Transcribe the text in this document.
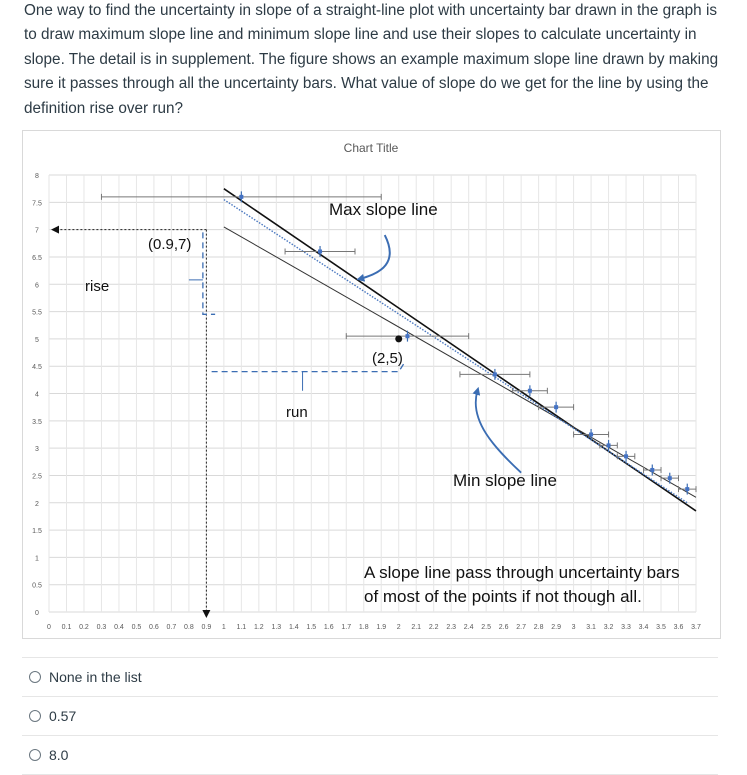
One way to find the uncertainty in slope of a straight-line plot with uncertainty bar drawn in the graph is to draw maximum slope line and minimum slope line and use their slopes to calculate uncertainty in slope. The detail is in supplement. The figure shows an example maximum slope line drawn by making sure it passes through all the uncertainty bars. What value of slope do we get for the line by using the definition rise over run?

Chart Title
0
0.5
1
1.5
2
2.5
3
3.5
4
4.5
5
5.5
6
6.5
7
7.5
8
0 0.1 0.2 0.3 0.4 0.5 0.6 0.7 0.8 0.9 1 1.1 1.2 1.3 1.4 1.5 1.6 1.7 1.8 1.9 2 2.1 2.2 2.3 2.4 2.5 2.6 2.7 2.8 2.9 3 3.1 3.2 3.3 3.4 3.5 3.6 3.7
Max slope line
Min slope line
rise
run
(0.9,7)
(2,5)
A slope line pass through uncertainty bars
of most of the points if not though all.
None in the list
0.57
8.0
